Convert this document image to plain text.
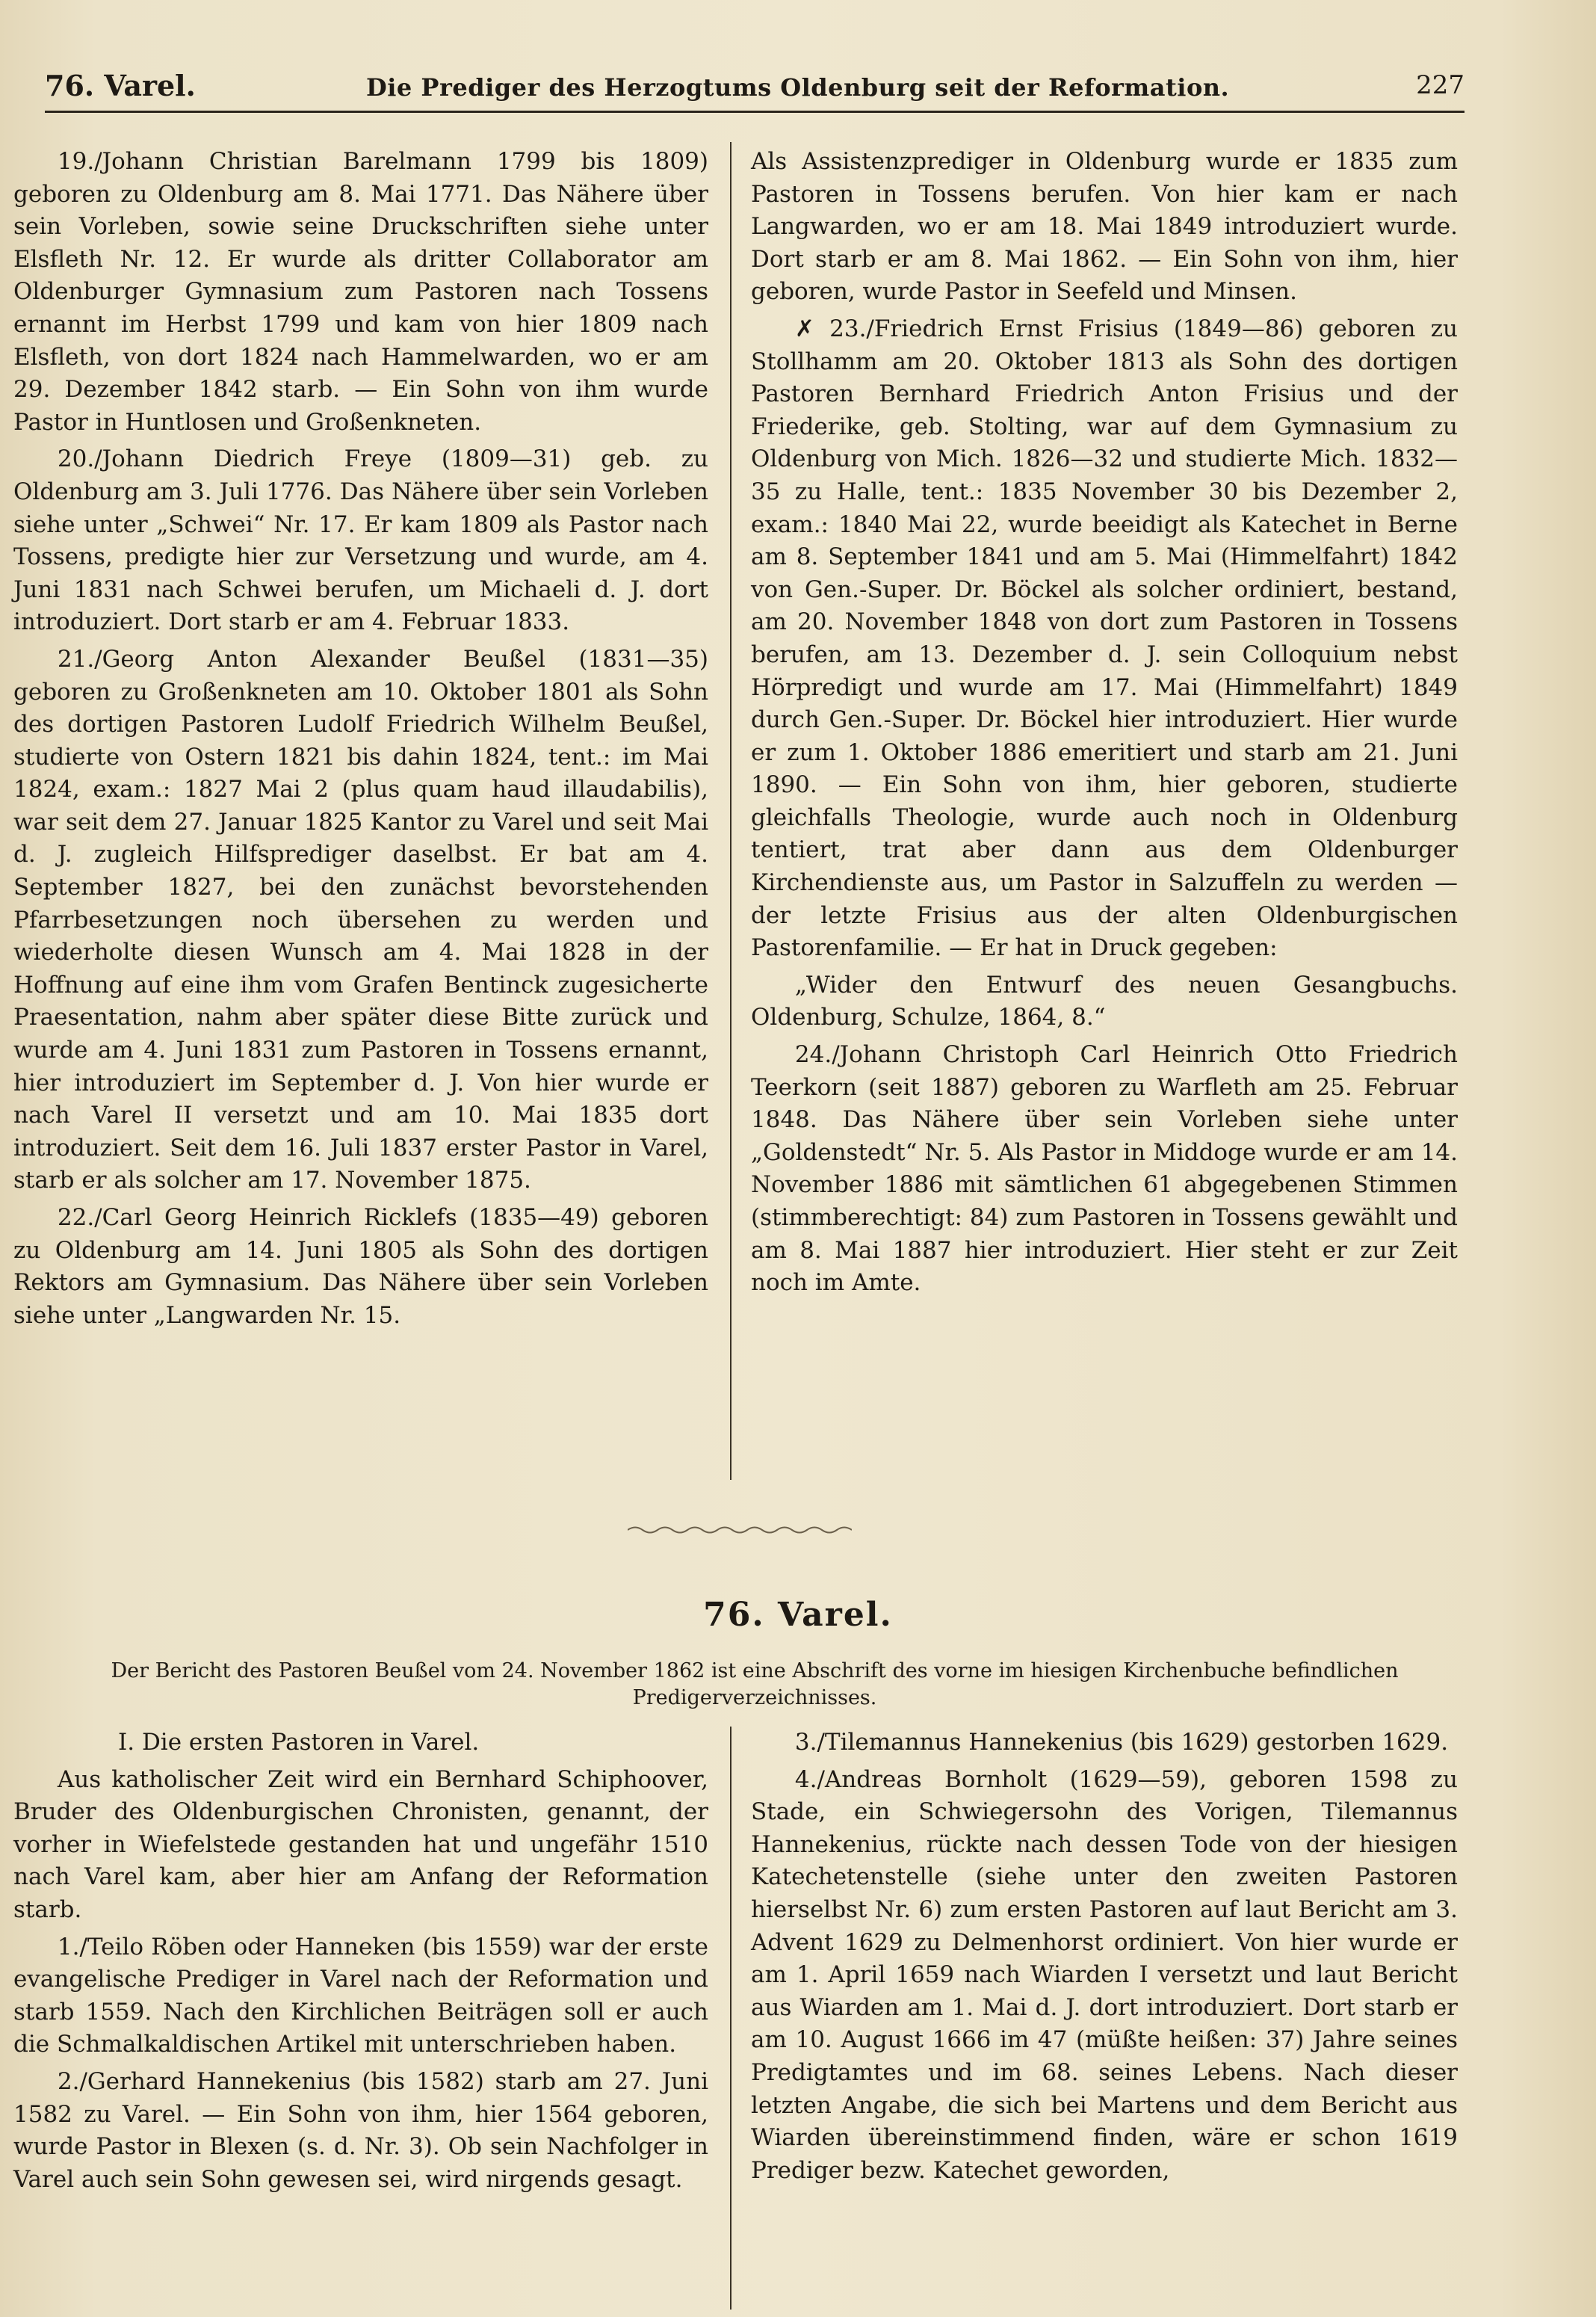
76. Varel.	Die Prediger des Herzogtums Oldenburg seit der Reformation.	227

19./Johann Christian Barelmann 1799 bis 1809) geboren zu Oldenburg am 8. Mai 1771. Das Nähere über sein Vorleben, sowie seine Druckschriften siehe unter Elsfleth Nr. 12. Er wurde als dritter Collaborator am Oldenburger Gymnasium zum Pastoren nach Tossens ernannt im Herbst 1799 und kam von hier 1809 nach Elsfleth, von dort 1824 nach Hammelwarden, wo er am 29. Dezember 1842 starb. — Ein Sohn von ihm wurde Pastor in Huntlosen und Großenkneten.

20./Johann Diedrich Freye (1809—31) geb. zu Oldenburg am 3. Juli 1776. Das Nähere über sein Vorleben siehe unter „Schwei“ Nr. 17. Er kam 1809 als Pastor nach Tossens, predigte hier zur Versetzung und wurde, am 4. Juni 1831 nach Schwei berufen, um Michaeli d. J. dort introduziert. Dort starb er am 4. Februar 1833.

21./Georg Anton Alexander Beußel (1831—35) geboren zu Großenkneten am 10. Oktober 1801 als Sohn des dortigen Pastoren Ludolf Friedrich Wilhelm Beußel, studierte von Ostern 1821 bis dahin 1824, tent.: im Mai 1824, exam.: 1827 Mai 2 (plus quam haud illaudabilis), war seit dem 27. Januar 1825 Kantor zu Varel und seit Mai d. J. zugleich Hilfsprediger daselbst. Er bat am 4. September 1827, bei den zunächst bevorstehenden Pfarrbesetzungen noch übersehen zu werden und wiederholte diesen Wunsch am 4. Mai 1828 in der Hoffnung auf eine ihm vom Grafen Bentinck zugesicherte Praesentation, nahm aber später diese Bitte zurück und wurde am 4. Juni 1831 zum Pastoren in Tossens ernannt, hier introduziert im September d. J. Von hier wurde er nach Varel II versetzt und am 10. Mai 1835 dort introduziert. Seit dem 16. Juli 1837 erster Pastor in Varel, starb er als solcher am 17. November 1875.

22./Carl Georg Heinrich Ricklefs (1835—49) geboren zu Oldenburg am 14. Juni 1805 als Sohn des dortigen Rektors am Gymnasium. Das Nähere über sein Vorleben siehe unter „Langwarden Nr. 15.

Als Assistenzprediger in Oldenburg wurde er 1835 zum Pastoren in Tossens berufen. Von hier kam er nach Langwarden, wo er am 18. Mai 1849 introduziert wurde. Dort starb er am 8. Mai 1862. — Ein Sohn von ihm, hier geboren, wurde Pastor in Seefeld und Minsen.

✗ 23./Friedrich Ernst Frisius (1849—86) geboren zu Stollhamm am 20. Oktober 1813 als Sohn des dortigen Pastoren Bernhard Friedrich Anton Frisius und der Friederike, geb. Stolting, war auf dem Gymnasium zu Oldenburg von Mich. 1826—32 und studierte Mich. 1832—35 zu Halle, tent.: 1835 November 30 bis Dezember 2, exam.: 1840 Mai 22, wurde beeidigt als Katechet in Berne am 8. September 1841 und am 5. Mai (Himmelfahrt) 1842 von Gen.-Super. Dr. Böckel als solcher ordiniert, bestand, am 20. November 1848 von dort zum Pastoren in Tossens berufen, am 13. Dezember d. J. sein Colloquium nebst Hörpredigt und wurde am 17. Mai (Himmelfahrt) 1849 durch Gen.-Super. Dr. Böckel hier introduziert. Hier wurde er zum 1. Oktober 1886 emeritiert und starb am 21. Juni 1890. — Ein Sohn von ihm, hier geboren, studierte gleichfalls Theologie, wurde auch noch in Oldenburg tentiert, trat aber dann aus dem Oldenburger Kirchendienste aus, um Pastor in Salzuffeln zu werden — der letzte Frisius aus der alten Oldenburgischen Pastorenfamilie. — Er hat in Druck gegeben:

„Wider den Entwurf des neuen Gesangbuchs. Oldenburg, Schulze, 1864, 8.“

24./Johann Christoph Carl Heinrich Otto Friedrich Teerkorn (seit 1887) geboren zu Warfleth am 25. Februar 1848. Das Nähere über sein Vorleben siehe unter „Goldenstedt“ Nr. 5. Als Pastor in Middoge wurde er am 14. November 1886 mit sämtlichen 61 abgegebenen Stimmen (stimmberechtigt: 84) zum Pastoren in Tossens gewählt und am 8. Mai 1887 hier introduziert. Hier steht er zur Zeit noch im Amte.

76. Varel.
Der Bericht des Pastoren Beußel vom 24. November 1862 ist eine Abschrift des vorne im hiesigen Kirchenbuche befindlichen Predigerverzeichnisses.

I. Die ersten Pastoren in Varel.

Aus katholischer Zeit wird ein Bernhard Schiphoover, Bruder des Oldenburgischen Chronisten, genannt, der vorher in Wiefelstede gestanden hat und ungefähr 1510 nach Varel kam, aber hier am Anfang der Reformation starb.

1./Teilo Röben oder Hanneken (bis 1559) war der erste evangelische Prediger in Varel nach der Reformation und starb 1559. Nach den Kirchlichen Beiträgen soll er auch die Schmalkaldischen Artikel mit unterschrieben haben.

2./Gerhard Hannekenius (bis 1582) starb am 27. Juni 1582 zu Varel. — Ein Sohn von ihm, hier 1564 geboren, wurde Pastor in Blexen (s. d. Nr. 3). Ob sein Nachfolger in Varel auch sein Sohn gewesen sei, wird nirgends gesagt.

3./Tilemannus Hannekenius (bis 1629) gestorben 1629.

4./Andreas Bornholt (1629—59), geboren 1598 zu Stade, ein Schwiegersohn des Vorigen, Tilemannus Hannekenius, rückte nach dessen Tode von der hiesigen Katechetenstelle (siehe unter den zweiten Pastoren hierselbst Nr. 6) zum ersten Pastoren auf laut Bericht am 3. Advent 1629 zu Delmenhorst ordiniert. Von hier wurde er am 1. April 1659 nach Wiarden I versetzt und laut Bericht aus Wiarden am 1. Mai d. J. dort introduziert. Dort starb er am 10. August 1666 im 47 (müßte heißen: 37) Jahre seines Predigtamtes und im 68. seines Lebens. Nach dieser letzten Angabe, die sich bei Martens und dem Bericht aus Wiarden übereinstimmend finden, wäre er schon 1619 Prediger bezw. Katechet geworden,
